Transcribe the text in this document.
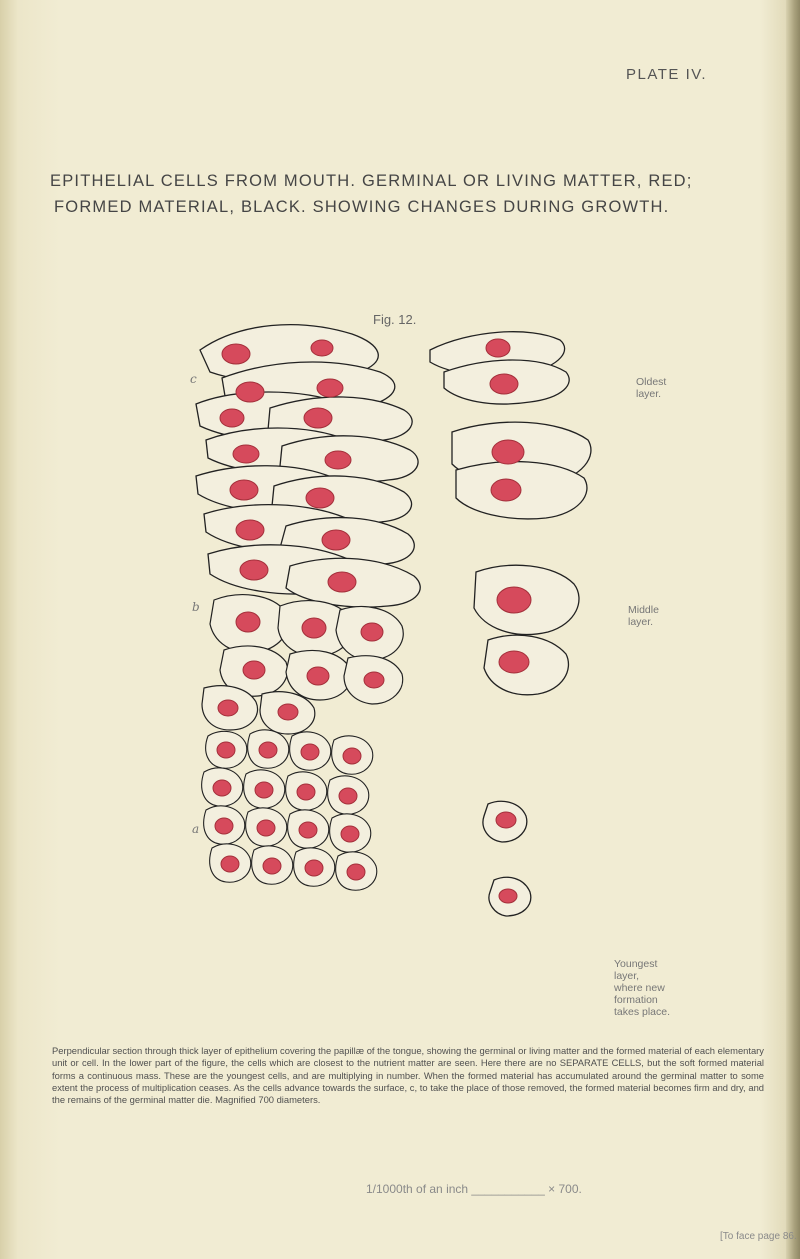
PLATE IV.
EPITHELIAL CELLS FROM MOUTH. GERMINAL OR LIVING MATTER, RED;
FORMED MATERIAL, BLACK. SHOWING CHANGES DURING GROWTH.
Fig. 12.
c
b
a
Oldest
layer.
Middle
layer.
Youngest
layer,
where new
formation
takes place.
Perpendicular section through thick layer of epithelium covering the papillæ of the tongue, showing the germinal or living matter and the formed material of each elementary unit or cell. In the lower part of the figure, the cells which are closest to the nutrient matter are seen. Here there are no SEPARATE CELLS, but the soft formed material forms a continuous mass. These are the youngest cells, and are multiplying in number. When the formed material has accumulated around the germinal matter to some extent the process of multiplication ceases. As the cells advance towards the surface, c, to take the place of those removed, the formed material becomes firm and dry, and the remains of the germinal matter die. Magnified 700 diameters.
1/1000th of an inch ___________ × 700.
[To face page 86.
